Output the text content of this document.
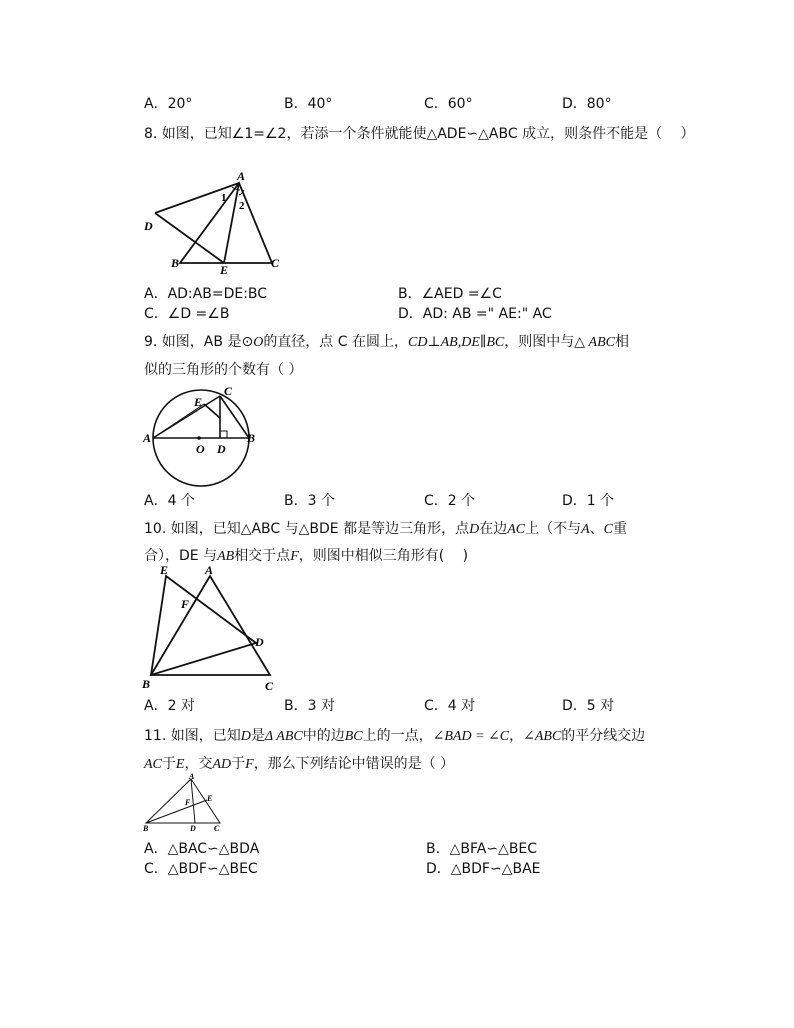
A．20°	B．40°	C．60°	D．80°
8. 如图，已知∠1=∠2，若添一个条件就能使△ADE∽△ABC 成立，则条件不能是（　 ）
A
D
B	E	C
1
2
A．AD:AB=DE:BC	B．∠AED =∠C
C．∠D =∠B	D．AD: AB =" AE:" AC
9. 如图，AB 是⊙O的直径，点 C 在圆上，CD⊥AB,DE∥BC，则图中与△ ABC相
似的三角形的个数有（ ）
C
E
A	B
O D
A．4 个	B．3 个	C．2 个	D．1 个
10. 如图，已知△ABC 与△BDE 都是等边三角形，点D在边AC上（不与A、C重
合），DE 与AB相交于点F，则图中相似三角形有(　 )
E	A
F
D
B	C
A．2 对	B．3 对	C．4 对	D．5 对
11. 如图，已知D是Δ ABC中的边BC上的一点，∠BAD = ∠C，∠ABC的平分线交边
AC于E，交AD于F，那么下列结论中错误的是（ ）
A
E
F
B	D C
A．△BAC∽△BDA	B．△BFA∽△BEC
C．△BDF∽△BEC	D．△BDF∽△BAE
